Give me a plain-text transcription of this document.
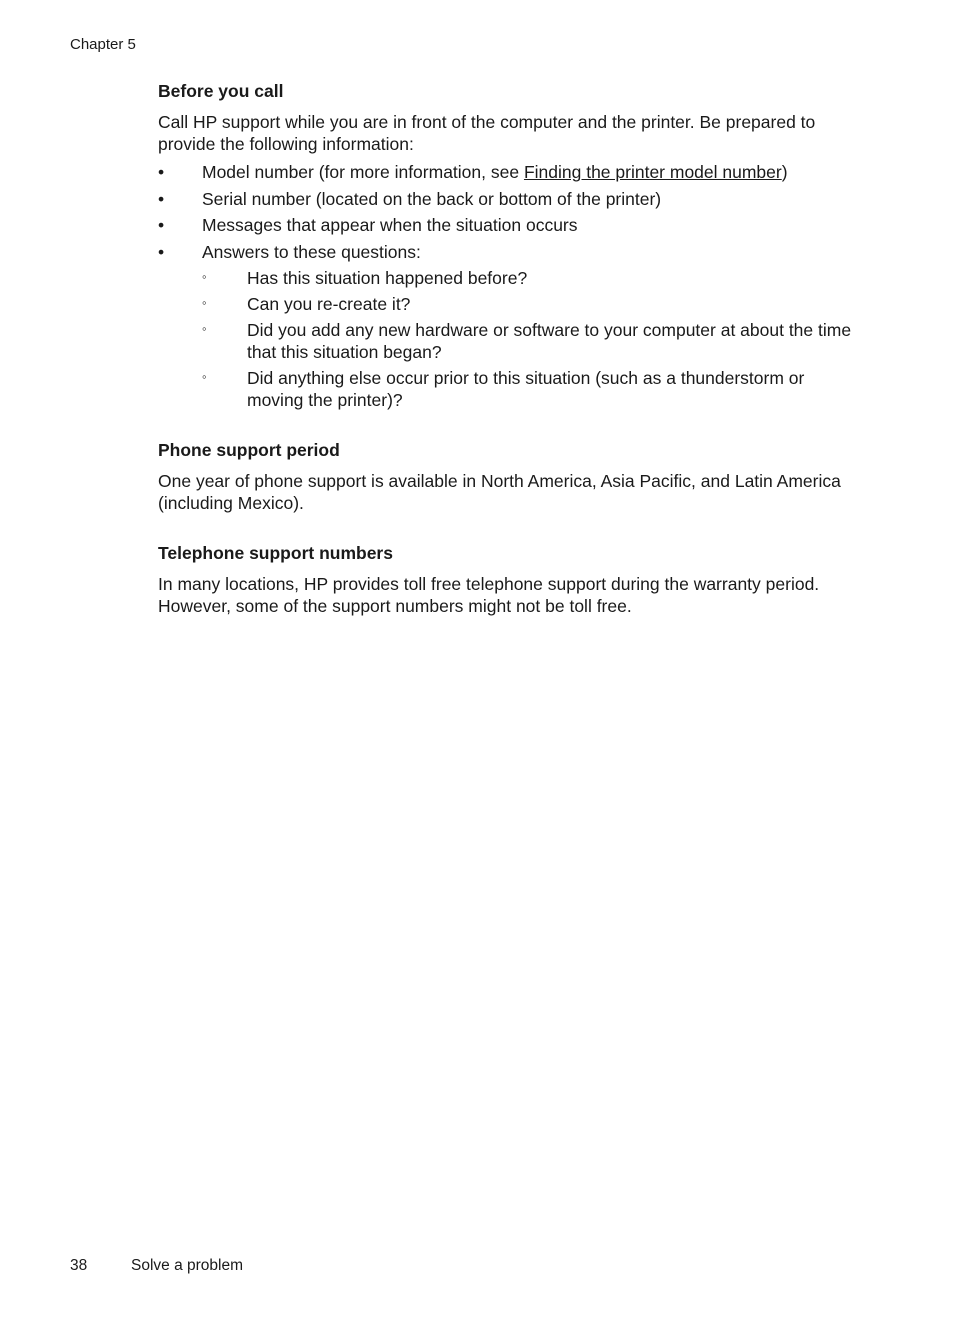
Chapter 5
Before you call

Call HP support while you are in front of the computer and the printer. Be prepared to provide the following information:

• Model number (for more information, see Finding the printer model number)
• Serial number (located on the back or bottom of the printer)
• Messages that appear when the situation occurs
• Answers to these questions:
◦ Has this situation happened before?
◦ Can you re-create it?
◦ Did you add any new hardware or software to your computer at about the time that this situation began?
◦ Did anything else occur prior to this situation (such as a thunderstorm or moving the printer)?
Phone support period

One year of phone support is available in North America, Asia Pacific, and Latin America (including Mexico).

Telephone support numbers

In many locations, HP provides toll free telephone support during the warranty period. However, some of the support numbers might not be toll free.

38	Solve a problem
